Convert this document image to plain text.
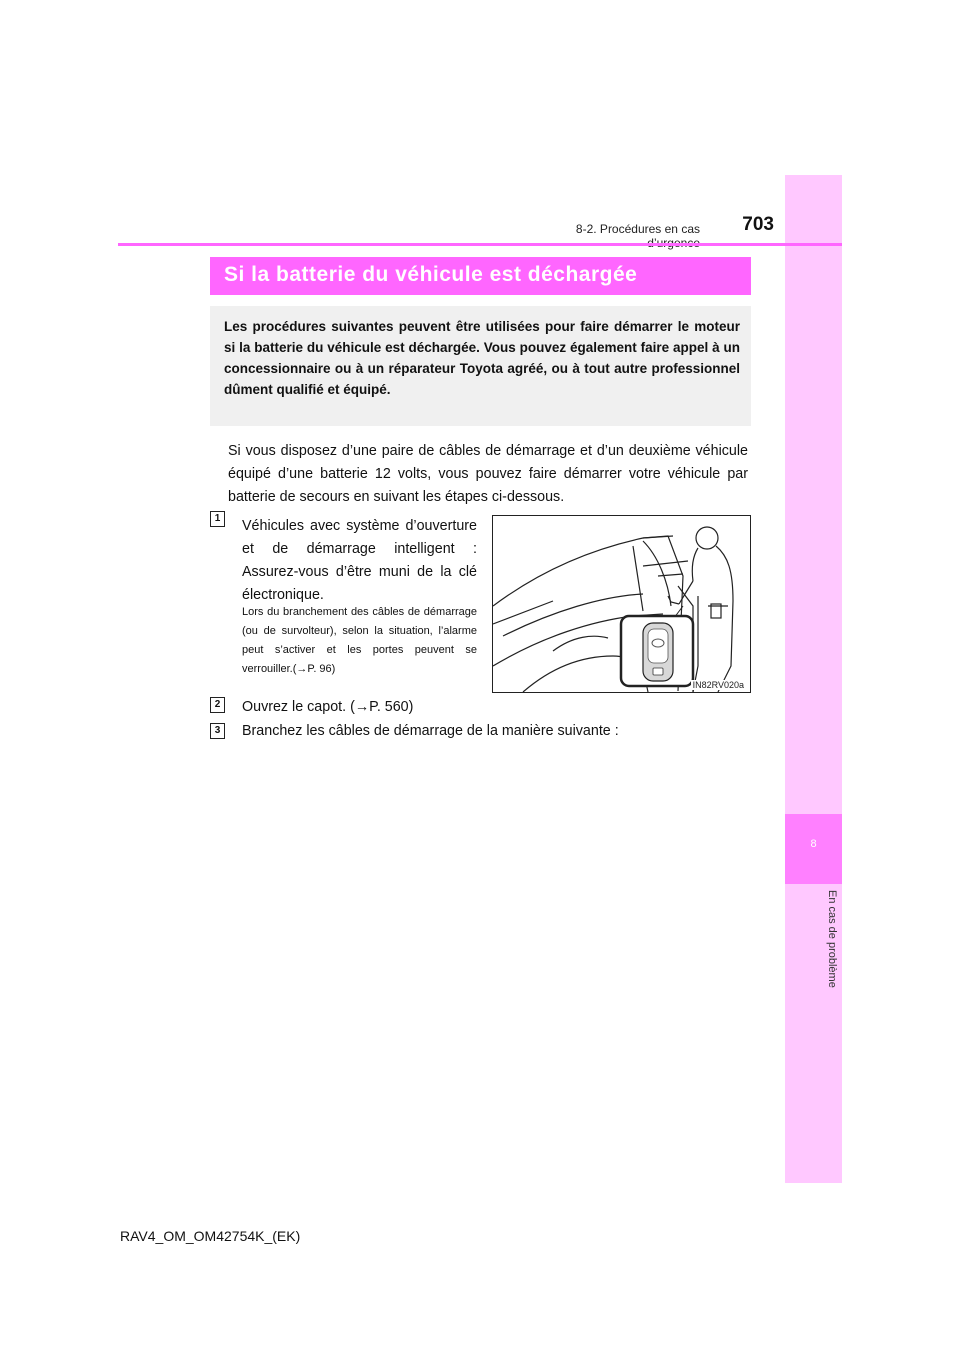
8
En cas de problème
8-2. Procédures en cas	703
Si la batterie du véhicule est déchargée

Les procédures suivantes peuvent être utilisées pour faire démarrer le moteur si la batterie du véhicule est déchargée. Vous pouvez également faire appel à un concessionnaire ou à un réparateur Toyota agréé, ou à tout autre professionnel dûment qualifié et équipé.

Si vous disposez d’une paire de câbles de démarrage et d’un deuxième véhicule équipé d’une batterie 12 volts, vous pouvez faire démarrer votre véhicule par batterie de secours en suivant les étapes ci-dessous.

1	Véhicules avec système d’ouverture et de démarrage intelligent : Assurez-vous d’être muni de la clé électronique.

Lors du branchement des câbles de démarrage (ou de survolteur), selon la situation, l’alarme peut s’activer et les portes peuvent se verrouiller.(→P. 96)

IN82RV020a
2	Ouvrez le capot. (→P. 560)
3	Branchez les câbles de démarrage de la manière suivante :
RAV4_OM_OM42754K_(EK)
